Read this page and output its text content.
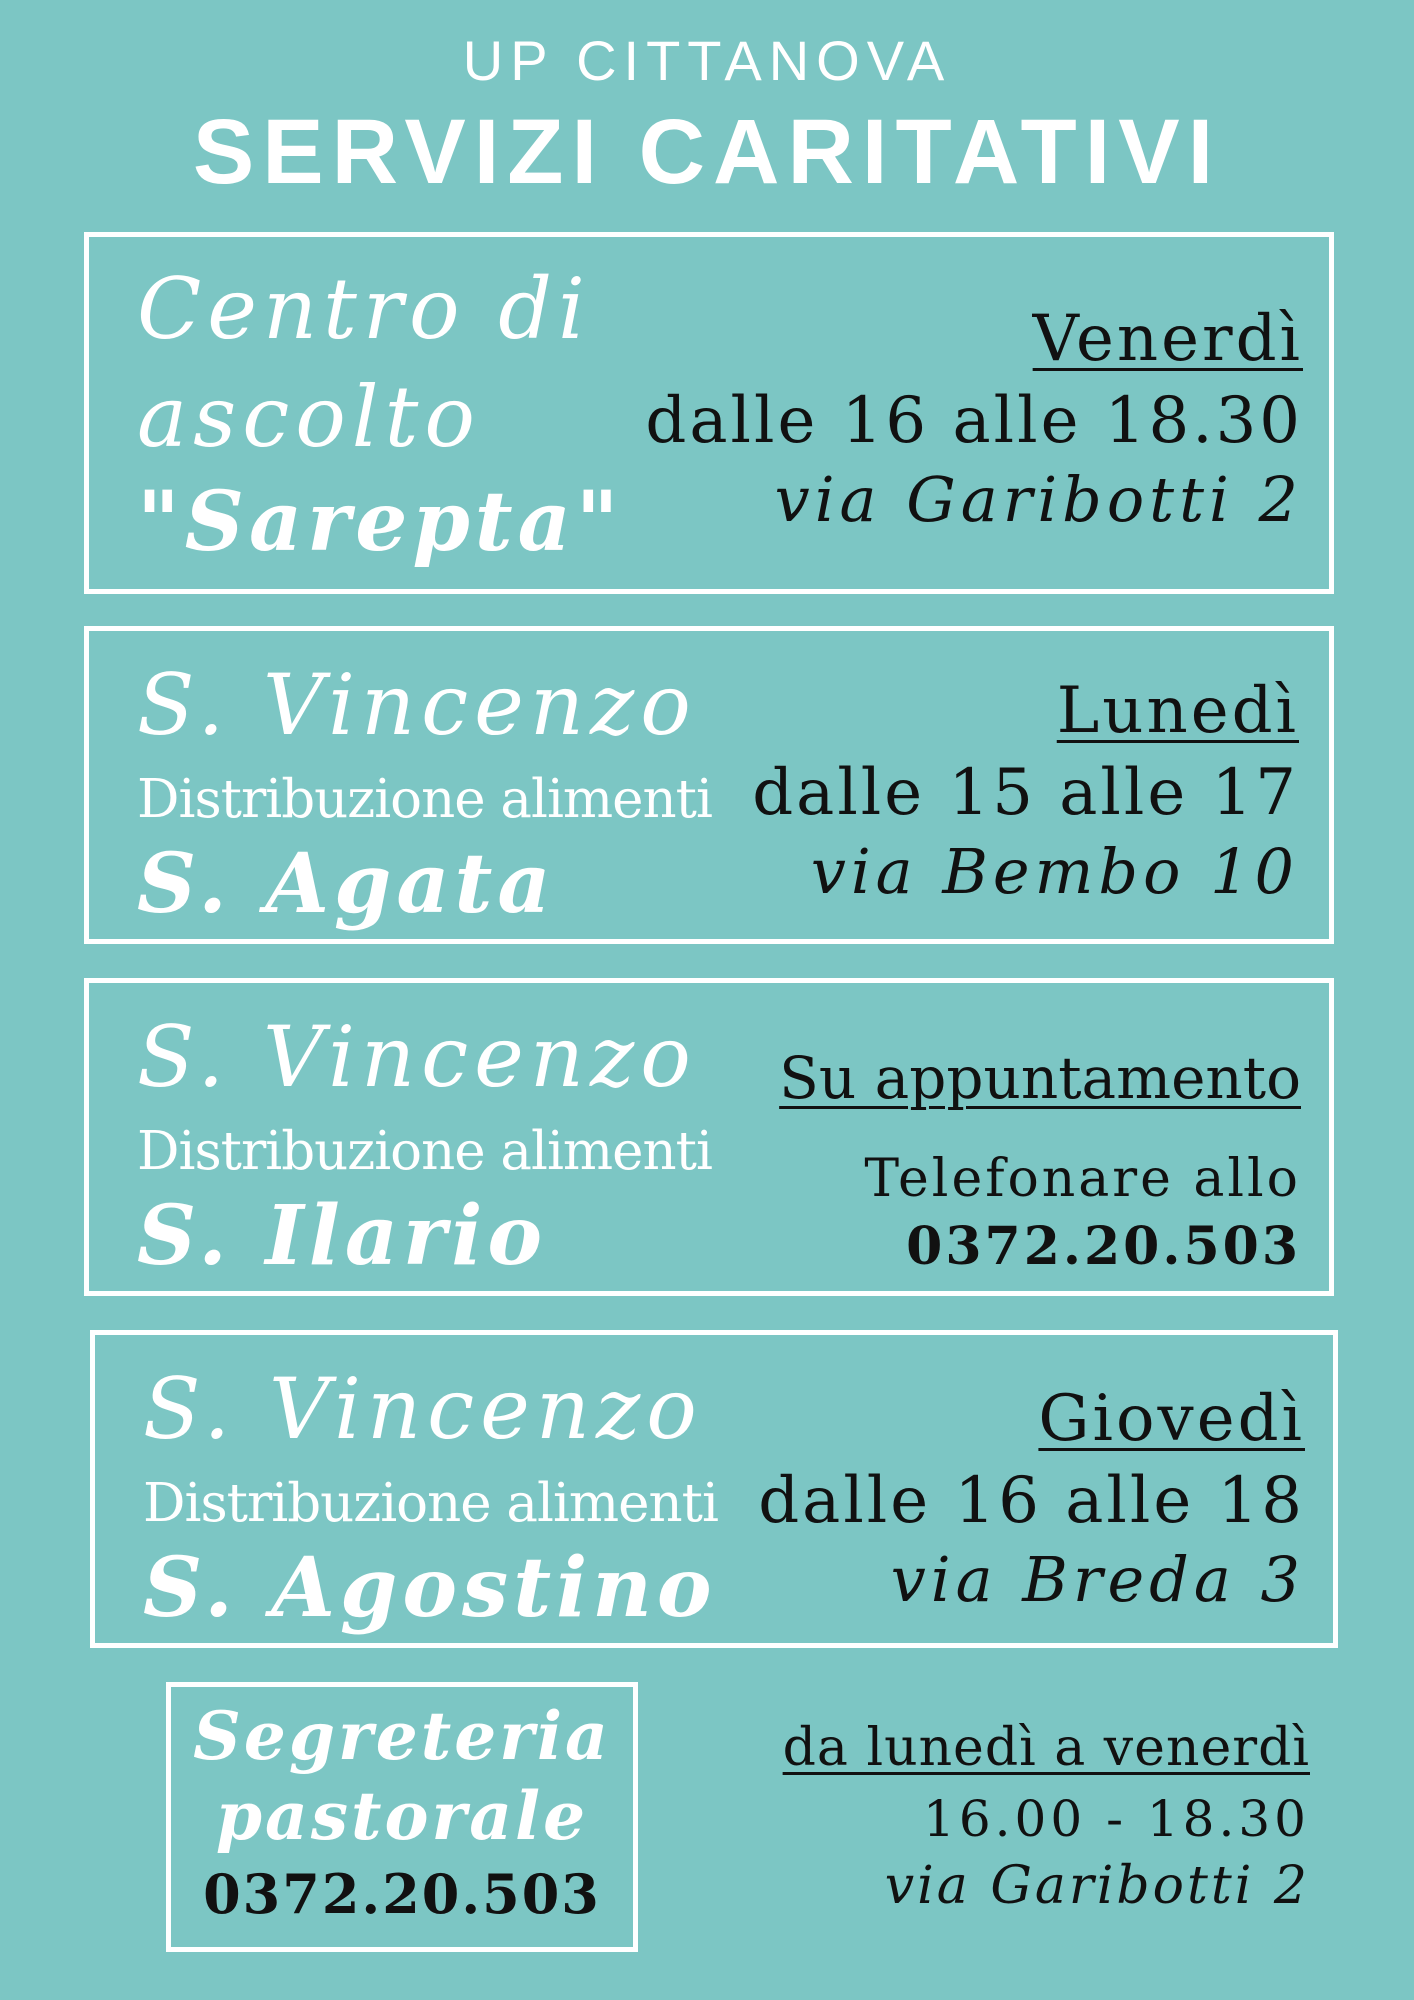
UP CITTANOVA
SERVIZI CARITATIVI
Centro di
ascolto
"Sarepta"
Venerdì
dalle 16 alle 18.30
via Garibotti 2
S. Vincenzo
Distribuzione alimenti
S. Agata
Lunedì
dalle 15 alle 17
via Bembo 10
S. Vincenzo
Distribuzione alimenti
S. Ilario
Su appuntamento
Telefonare allo
0372.20.503
S. Vincenzo
Distribuzione alimenti
S. Agostino
Giovedì
dalle 16 alle 18
via Breda 3
Segreteria
pastorale
0372.20.503
da lunedì a venerdì
16.00 - 18.30
via Garibotti 2
